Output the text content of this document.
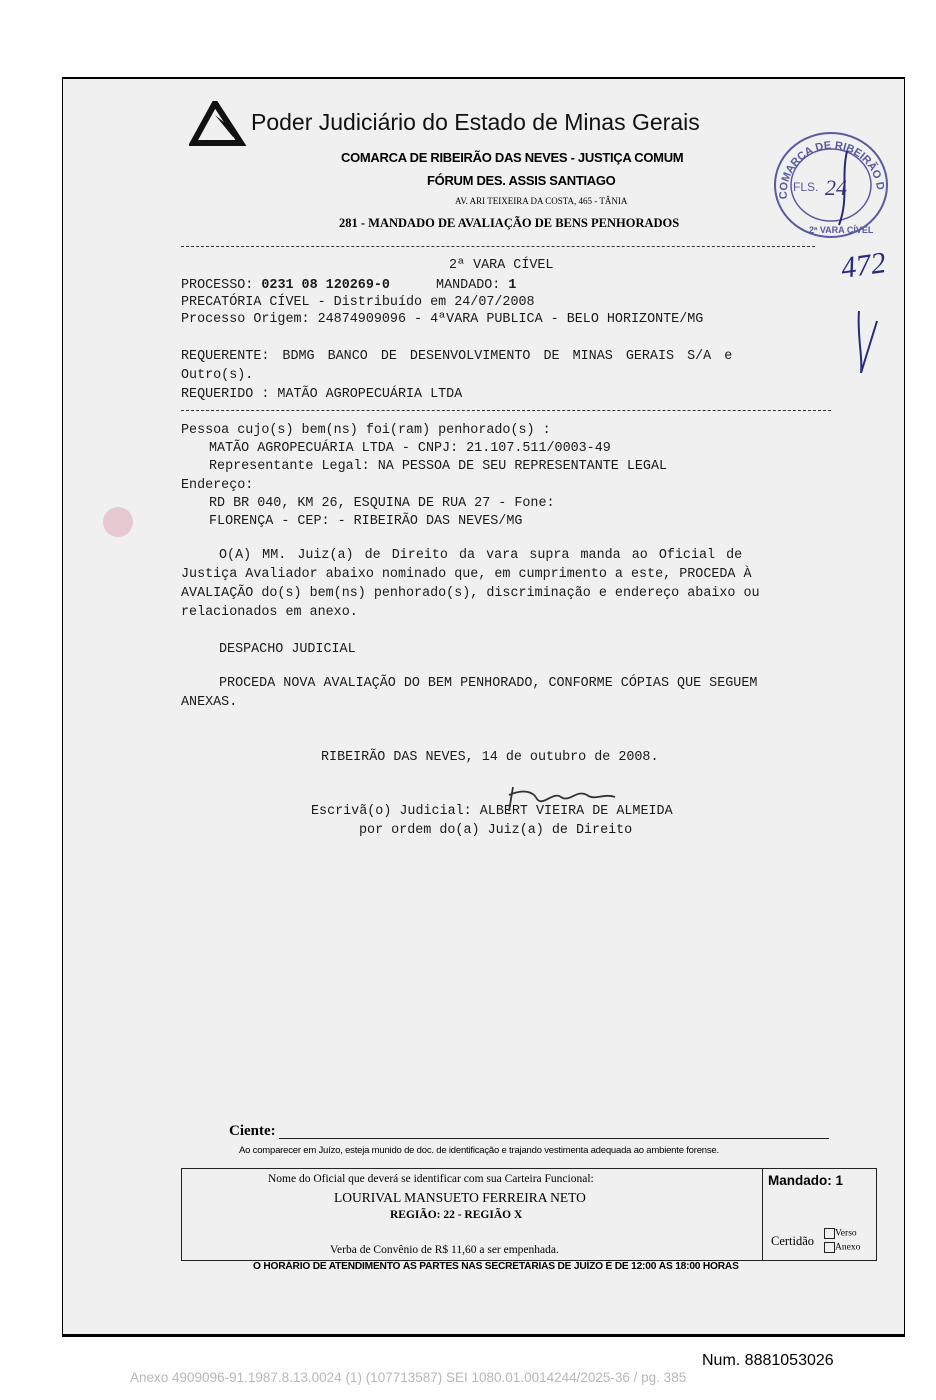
Poder Judiciário do Estado de Minas Gerais
COMARCA DE RIBEIRÃO DAS NEVES - JUSTIÇA COMUM
FÓRUM DES. ASSIS SANTIAGO
AV. ARI TEIXEIRA DA COSTA, 465 - TÂNIA
281 - MANDADO DE AVALIAÇÃO DE BENS PENHORADOS
COMARCA DE RIBEIRÃO D
FLS. 24
2ª VARA CÍVEL
472
2ª VARA CÍVEL
PROCESSO: 0231 08 120269-0	MANDADO: 1
PRECATÓRIA CÍVEL - Distribuído em 24/07/2008
Processo Origem: 24874909096 - 4ªVARA PUBLICA - BELO HORIZONTE/MG
REQUERENTE: BDMG BANCO DE DESENVOLVIMENTO DE MINAS GERAIS S/A e
Outro(s).
REQUERIDO : MATÃO AGROPECUÁRIA LTDA
Pessoa cujo(s) bem(ns) foi(ram) penhorado(s) :
MATÃO AGROPECUÁRIA LTDA - CNPJ: 21.107.511/0003-49
Representante Legal: NA PESSOA DE SEU REPRESENTANTE LEGAL
Endereço:
RD BR 040, KM 26, ESQUINA DE RUA 27 - Fone:
FLORENÇA - CEP: - RIBEIRÃO DAS NEVES/MG
O(A) MM. Juiz(a) de Direito da vara supra manda ao Oficial de
Justiça Avaliador abaixo nominado que, em cumprimento a este, PROCEDA À
AVALIAÇÃO do(s) bem(ns) penhorado(s), discriminação e endereço abaixo ou
relacionados em anexo.
DESPACHO JUDICIAL
PROCEDA NOVA AVALIAÇÃO DO BEM PENHORADO, CONFORME CÓPIAS QUE SEGUEM
ANEXAS.
RIBEIRÃO DAS NEVES, 14 de outubro de 2008.
Escrivã(o) Judicial: ALBERT VIEIRA DE ALMEIDA
por ordem do(a) Juiz(a) de Direito
Ciente:
Ao comparecer em Juízo, esteja munido de doc. de identificação e trajando vestimenta adequada ao ambiente forense.
Nome do Oficial que deverá se identificar com sua Carteira Funcional:
LOURIVAL MANSUETO FERREIRA NETO
REGIÃO: 22 - REGIÃO X
Verba de Convênio de R$ 11,60 a ser empenhada.
Mandado: 1
Certidão
Verso
Anexo
O HORÁRIO DE ATENDIMENTO ÀS PARTES NAS SECRETARIAS DE JUÍZO É DE 12:00 ÀS 18:00 HORAS
Num. 8881053026
Anexo 4909096-91.1987.8.13.0024 (1) (107713587) SEI 1080.01.0014244/2025-36 / pg. 385
